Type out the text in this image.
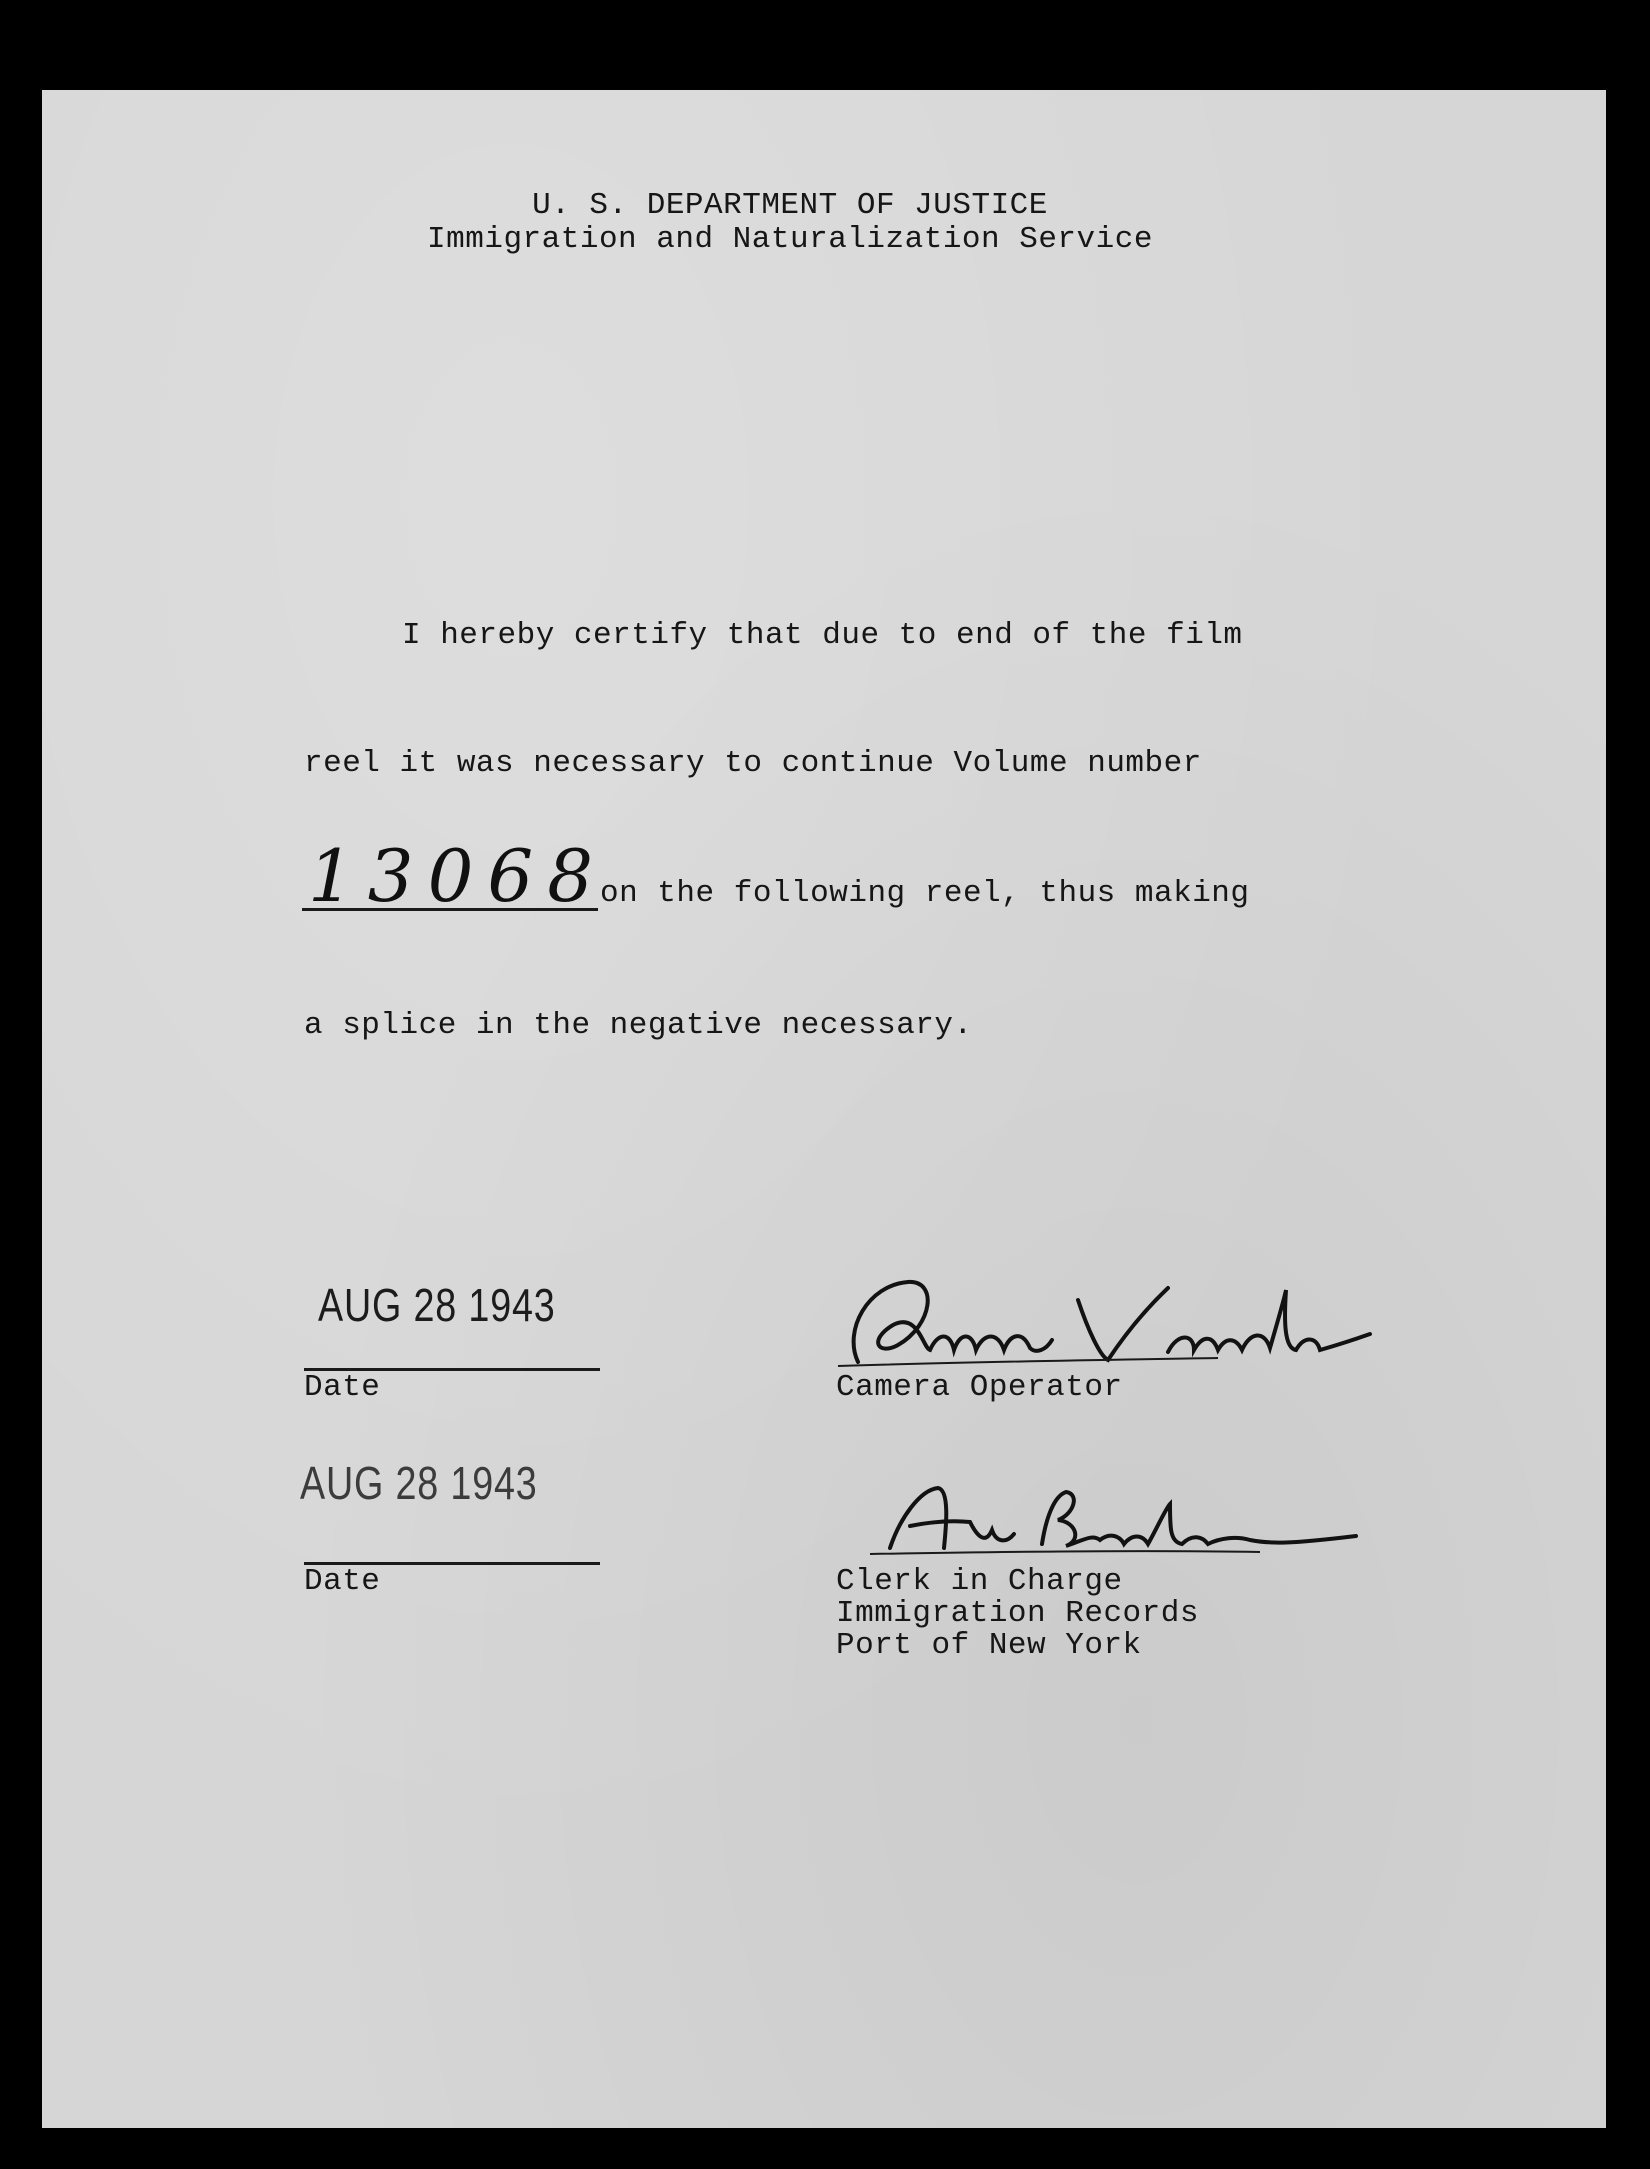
U. S. DEPARTMENT OF JUSTICE
Immigration and Naturalization Service
I hereby certify that due to end of the film
reel it was necessary to continue Volume number
13068
on the following reel, thus making
a splice in the negative necessary.
AUG 28 1943
Date	Camera Operator
AUG 28 1943
Date	Clerk in Charge
Immigration Records
Port of New York
